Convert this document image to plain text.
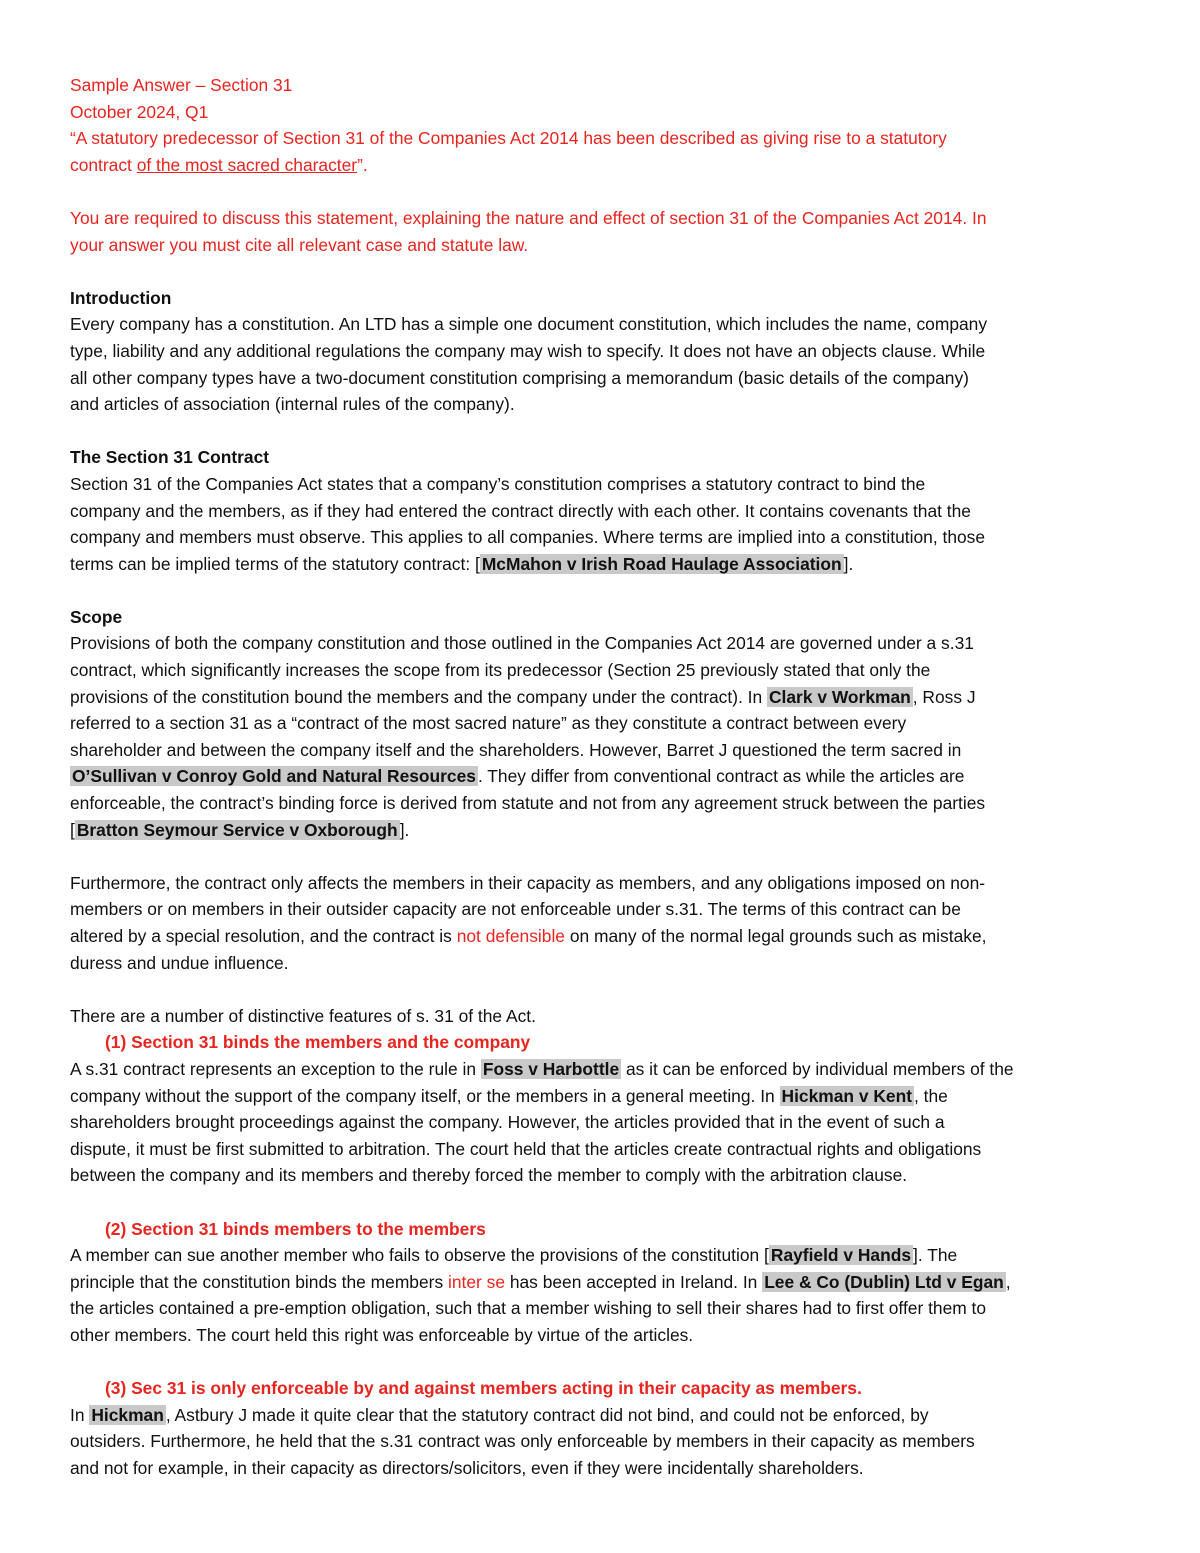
Sample Answer – Section 31
October 2024, Q1
“A statutory predecessor of Section 31 of the Companies Act 2014 has been described as giving rise to a statutory
contract of the most sacred character”.
You are required to discuss this statement, explaining the nature and effect of section 31 of the Companies Act 2014. In
your answer you must cite all relevant case and statute law.
Introduction
Every company has a constitution. An LTD has a simple one document constitution, which includes the name, company
type, liability and any additional regulations the company may wish to specify. It does not have an objects clause. While
all other company types have a two-document constitution comprising a memorandum (basic details of the company)
and articles of association (internal rules of the company).
The Section 31 Contract
Section 31 of the Companies Act states that a company’s constitution comprises a statutory contract to bind the
company and the members, as if they had entered the contract directly with each other. It contains covenants that the
company and members must observe. This applies to all companies. Where terms are implied into a constitution, those
terms can be implied terms of the statutory contract: [ McMahon v Irish Road Haulage Association ].
Scope
Provisions of both the company constitution and those outlined in the Companies Act 2014 are governed under a s.31
contract, which significantly increases the scope from its predecessor (Section 25 previously stated that only the
provisions of the constitution bound the members and the company under the contract). In Clark v Workman , Ross J
referred to a section 31 as a “contract of the most sacred nature” as they constitute a contract between every
shareholder and between the company itself and the shareholders. However, Barret J questioned the term sacred in
O’Sullivan v Conroy Gold and Natural Resources . They differ from conventional contract as while the articles are
enforceable, the contract’s binding force is derived from statute and not from any agreement struck between the parties
[ Bratton Seymour Service v Oxborough ].
Furthermore, the contract only affects the members in their capacity as members, and any obligations imposed on non-
members or on members in their outsider capacity are not enforceable under s.31. The terms of this contract can be
altered by a special resolution, and the contract is not defensible on many of the normal legal grounds such as mistake,
duress and undue influence.
There are a number of distinctive features of s. 31 of the Act.
(1) Section 31 binds the members and the company
A s.31 contract represents an exception to the rule in Foss v Harbottle as it can be enforced by individual members of the
company without the support of the company itself, or the members in a general meeting. In Hickman v Kent , the
shareholders brought proceedings against the company. However, the articles provided that in the event of such a
dispute, it must be first submitted to arbitration. The court held that the articles create contractual rights and obligations
between the company and its members and thereby forced the member to comply with the arbitration clause.
(2) Section 31 binds members to the members
A member can sue another member who fails to observe the provisions of the constitution [ Rayfield v Hands ]. The
principle that the constitution binds the members inter se has been accepted in Ireland. In Lee & Co (Dublin) Ltd v Egan ,
the articles contained a pre-emption obligation, such that a member wishing to sell their shares had to first offer them to
other members. The court held this right was enforceable by virtue of the articles.
(3) Sec 31 is only enforceable by and against members acting in their capacity as members.
In Hickman , Astbury J made it quite clear that the statutory contract did not bind, and could not be enforced, by
outsiders. Furthermore, he held that the s.31 contract was only enforceable by members in their capacity as members
and not for example, in their capacity as directors/solicitors, even if they were incidentally shareholders.
